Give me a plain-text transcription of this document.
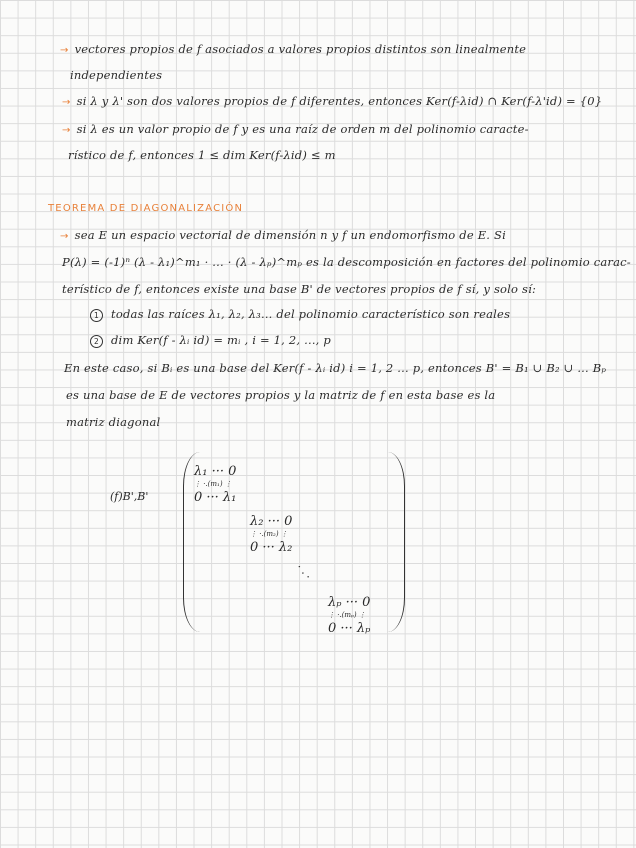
→ vectores propios de f asociados a valores propios distintos son linealmente
independientes
→ si λ y λ' son dos valores propios de f diferentes, entonces Ker(f-λid) ∩ Ker(f-λ'id) = {0}
→ si λ es un valor propio de f y es una raíz de orden m del polinomio caracte-
rístico de f, entonces 1 ≤ dim Ker(f-λid) ≤ m
TEOREMA DE DIAGONALIZACIÓN
→ sea E un espacio vectorial de dimensión n y f un endomorfismo de E. Si
P(λ) = (-1)ⁿ (λ - λ₁)^m₁ · ... · (λ - λₚ)^mₚ es la descomposición en factores del polinomio carac-
terístico de f, entonces existe una base B' de vectores propios de f sí, y solo sí:
1 todas las raíces λ₁, λ₂, λ₃... del polinomio característico son reales
2 dim Ker(f - λᵢ id) = mᵢ , i = 1, 2, ..., p
En este caso, si Bᵢ es una base del Ker(f - λᵢ id) i = 1, 2 ... p, entonces B' = B₁ ∪ B₂ ∪ ... Bₚ
es una base de E de vectores propios y la matriz de f en esta base es la
matriz diagonal
(f)B',B'
λ₁ ··· 0
⋮ ·.(m₁) ⋮
0 ··· λ₁
λ₂ ··· 0
⋮ ·.(m₂) ⋮
0 ··· λ₂
·..
λₚ ··· 0
⋮ ·.(mₚ) ⋮
0 ··· λₚ
